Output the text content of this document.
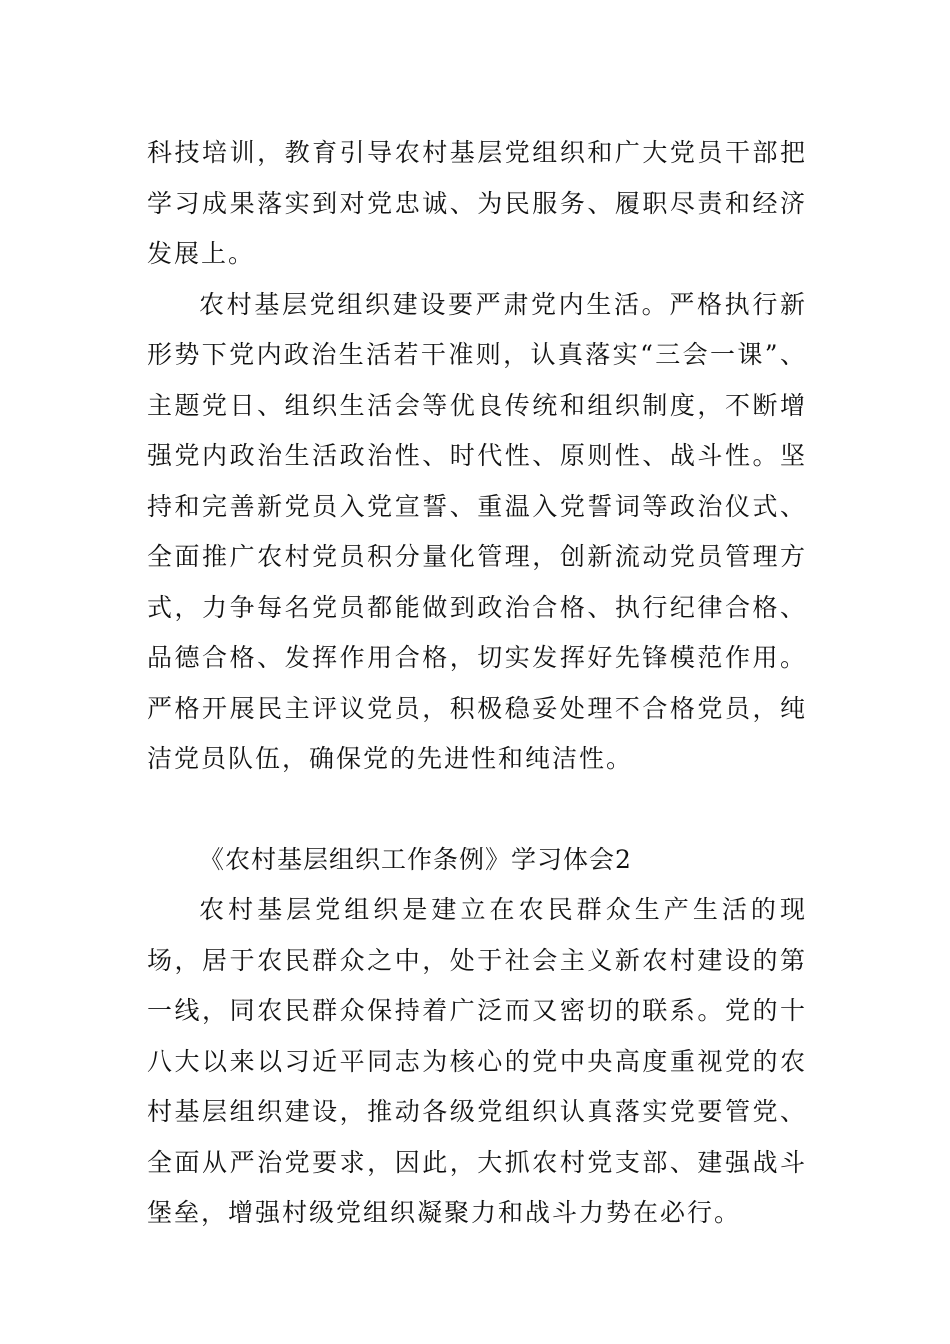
科技培训，教育引导农村基层党组织和广大党员干部把学习成果落实到对党忠诚、为民服务、履职尽责和经济发展上。

农村基层党组织建设要严肃党内生活。严格执行新形势下党内政治生活若干准则，认真落实“三会一课”、主题党日、组织生活会等优良传统和组织制度，不断增强党内政治生活政治性、时代性、原则性、战斗性。坚持和完善新党员入党宣誓、重温入党誓词等政治仪式、全面推广农村党员积分量化管理，创新流动党员管理方式，力争每名党员都能做到政治合格、执行纪律合格、品德合格、发挥作用合格，切实发挥好先锋模范作用。严格开展民主评议党员，积极稳妥处理不合格党员，纯洁党员队伍，确保党的先进性和纯洁性。

《农村基层组织工作条例》学习体会2

农村基层党组织是建立在农民群众生产生活的现场，居于农民群众之中，处于社会主义新农村建设的第一线，同农民群众保持着广泛而又密切的联系。党的十八大以来以习近平同志为核心的党中央高度重视党的农村基层组织建设，推动各级党组织认真落实党要管党、全面从严治党要求，因此，大抓农村党支部、建强战斗堡垒，增强村级党组织凝聚力和战斗力势在必行。
